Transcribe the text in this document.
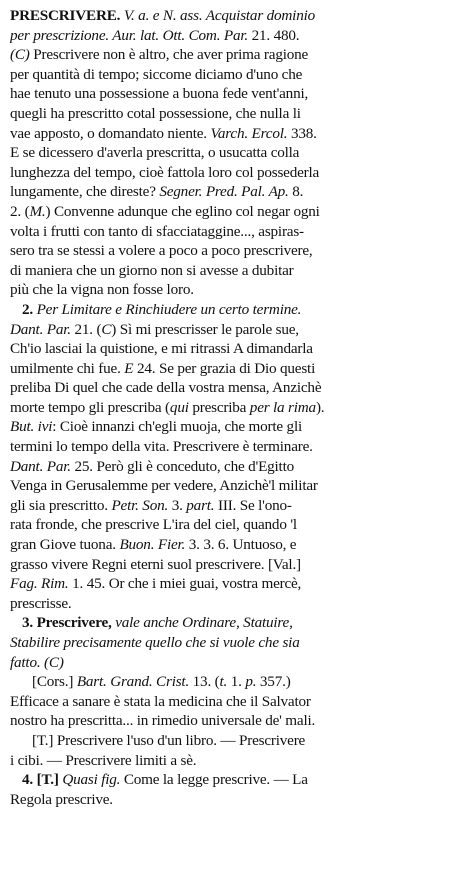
PRESCRIVERE. V. a. e N. ass. Acquistar dominio
per prescrizione. Aur. lat. Ott. Com. Par. 21. 480.
(C) Prescrivere non è altro, che aver prima ragione
per quantità di tempo; siccome diciamo d'uno che
hae tenuto una possessione a buona fede vent'anni,
quegli ha prescritto cotal possessione, che nulla li
vae apposto, o domandato niente. Varch. Ercol. 338.
E se dicessero d'averla prescritta, o usucatta colla
lunghezza del tempo, cioè fattola loro col possederla
lungamente, che direste? Segner. Pred. Pal. Ap. 8.
2. (M.) Convenne adunque che eglino col negar ogni
volta i frutti con tanto di sfacciataggine..., aspiras-
sero tra se stessi a volere a poco a poco prescrivere,
di maniera che un giorno non si avesse a dubitar
più che la vigna non fosse loro.
2. Per Limitare e Rinchiudere un certo termine.
Dant. Par. 21. (C) Sì mi prescrisser le parole sue,
Ch'io lasciai la quistione, e mi ritrassi A dimandarla
umilmente chi fue. E 24. Se per grazia di Dio questi
preliba Di quel che cade della vostra mensa, Anzichè
morte tempo gli prescriba (qui prescriba per la rima).
But. ivi: Cioè innanzi ch'egli muoja, che morte gli
termini lo tempo della vita. Prescrivere è terminare.
Dant. Par. 25. Però gli è conceduto, che d'Egitto
Venga in Gerusalemme per vedere, Anzichè'l militar
gli sia prescritto. Petr. Son. 3. part. III. Se l'ono-
rata fronde, che prescrive L'ira del ciel, quando 'l
gran Giove tuona. Buon. Fier. 3. 3. 6. Untuoso, e
grasso vivere Regni eterni suol prescrivere. [Val.]
Fag. Rim. 1. 45. Or che i miei guai, vostra mercè,
prescrisse.
3. Prescrivere, vale anche Ordinare, Statuire,
Stabilire precisamente quello che si vuole che sia
fatto. (C)
[Cors.] Bart. Grand. Crist. 13. (t. 1. p. 357.)
Efficace a sanare è stata la medicina che il Salvator
nostro ha prescritta... in rimedio universale de' mali.
[T.] Prescrivere l'uso d'un libro. — Prescrivere
i cibi. — Prescrivere limiti a sè.
4. [T.] Quasi fig. Come la legge prescrive. — La
Regola prescrive.
